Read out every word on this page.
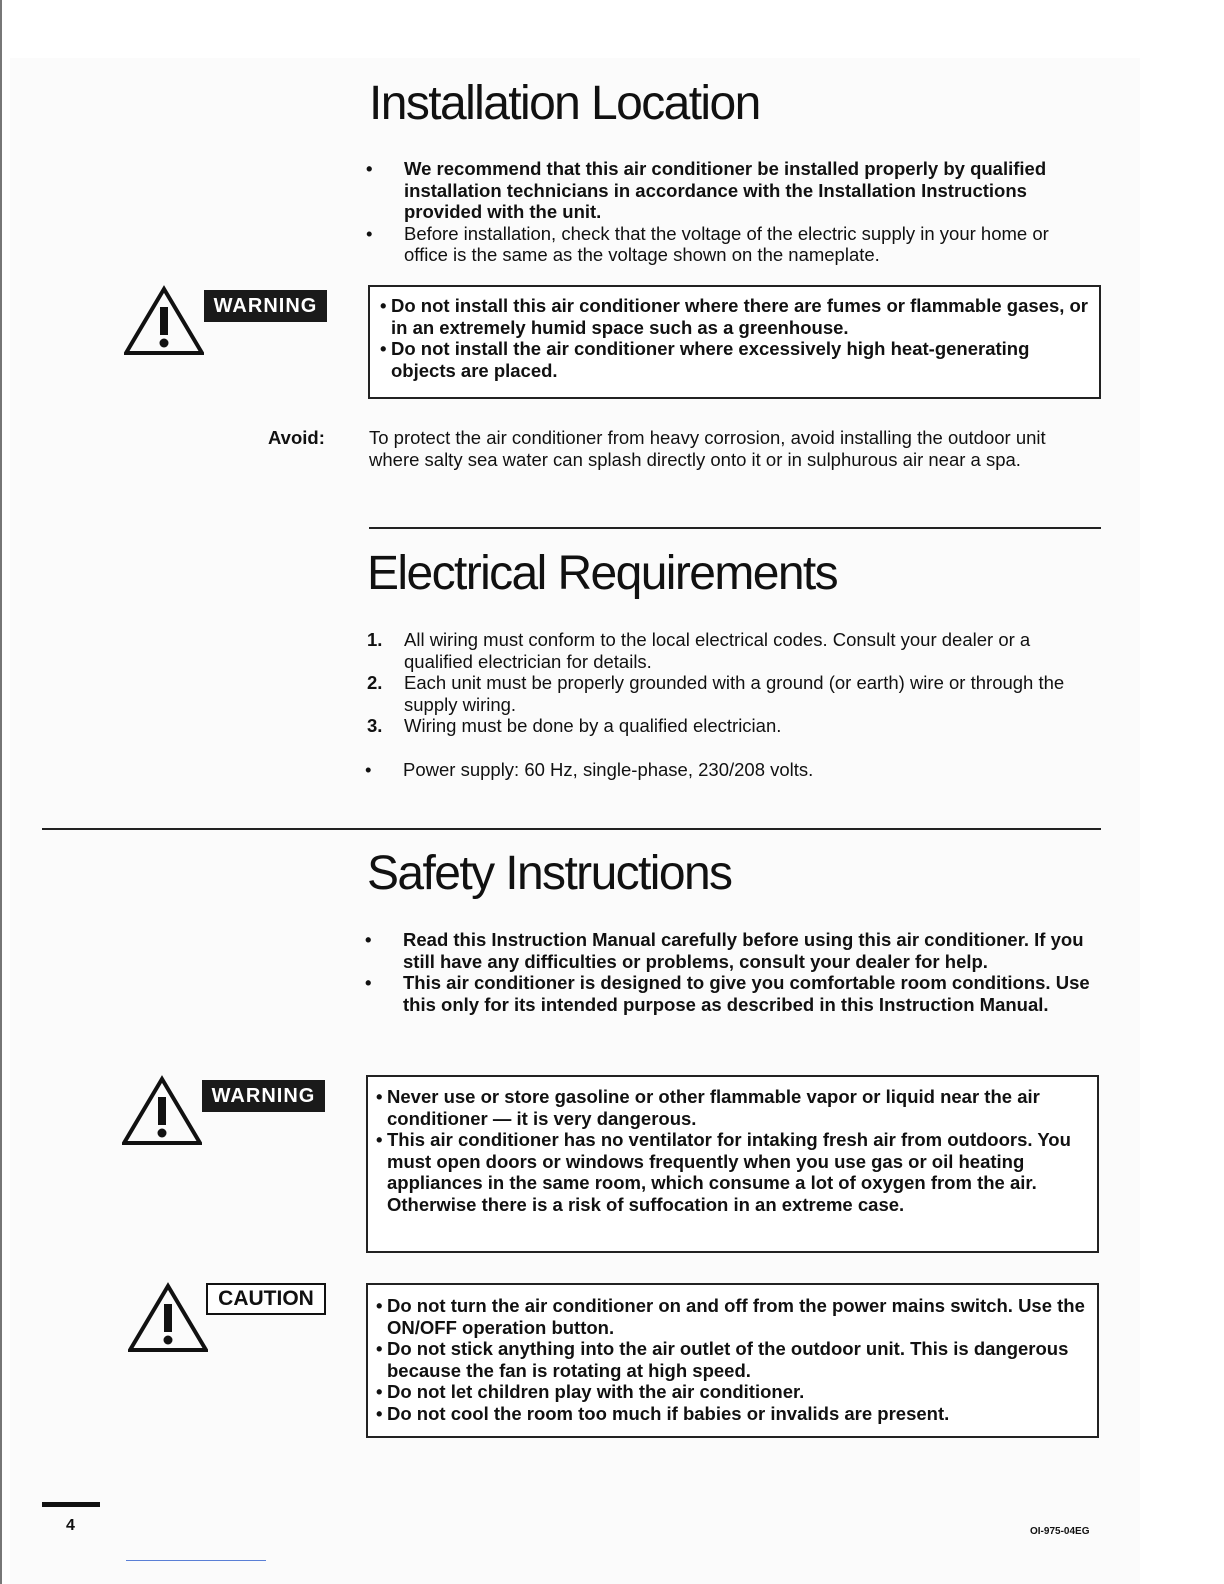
Installation Location
•	We recommend that this air conditioner be installed properly by qualified installation technicians in accordance with the Installation Instructions provided with the unit.
•	Before installation, check that the voltage of the electric supply in your home or office is the same as the voltage shown on the nameplate.
WARNING	• Do not install this air conditioner where there are fumes or flammable gases, or in an extremely humid space such as a greenhouse.
• Do not install the air conditioner where excessively high heat-generating objects are placed.
Avoid: To protect the air conditioner from heavy corrosion, avoid installing the outdoor unit where salty sea water can splash directly onto it or in sulphurous air near a spa.

Electrical Requirements
1.	All wiring must conform to the local electrical codes. Consult your dealer or a qualified electrician for details.
2.	Each unit must be properly grounded with a ground (or earth) wire or through the supply wiring.
3.	Wiring must be done by a qualified electrician.
•	Power supply: 60 Hz, single-phase, 230/208 volts.
Safety Instructions
•	Read this Instruction Manual carefully before using this air conditioner. If you still have any difficulties or problems, consult your dealer for help.
•	This air conditioner is designed to give you comfortable room conditions. Use this only for its intended purpose as described in this Instruction Manual.
WARNING	• Never use or store gasoline or other flammable vapor or liquid near the air conditioner — it is very dangerous.
• This air conditioner has no ventilator for intaking fresh air from outdoors. You must open doors or windows frequently when you use gas or oil heating appliances in the same room, which consume a lot of oxygen from the air. Otherwise there is a risk of suffocation in an extreme case.
CAUTION	• Do not turn the air conditioner on and off from the power mains switch. Use the ON/OFF operation button.
• Do not stick anything into the air outlet of the outdoor unit. This is dangerous because the fan is rotating at high speed.
• Do not let children play with the air conditioner.
• Do not cool the room too much if babies or invalids are present.
4	OI-975-04EG
